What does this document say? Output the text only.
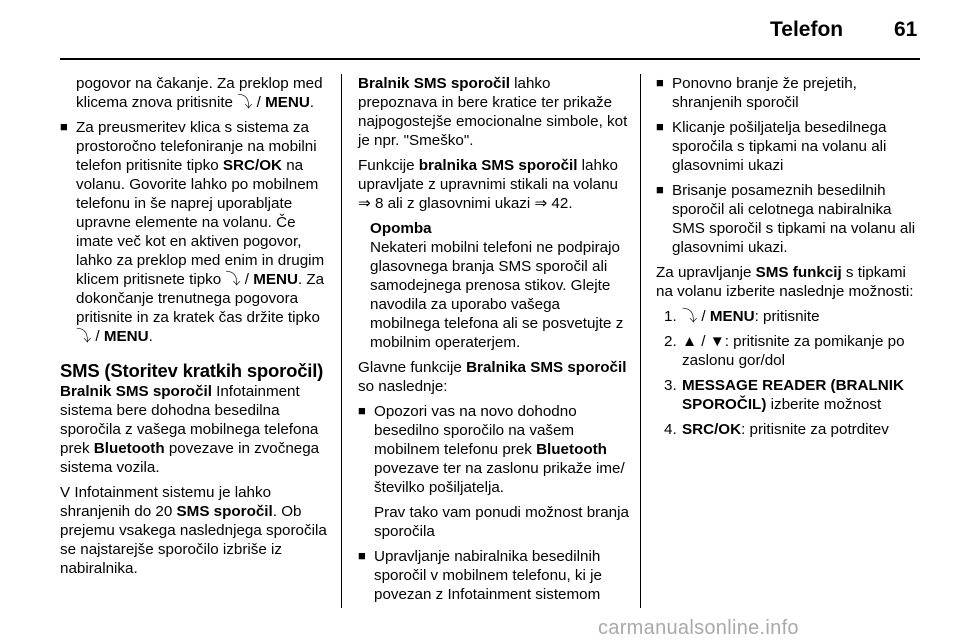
Telefon 61
pogovor na čakanje. Za preklop med klicema znova pritisnite ⤵ / MENU.
■ Za preusmeritev klica s sistema za prostoročno telefoniranje na mobilni telefon pritisnite tipko SRC/OK na volanu. Govorite lahko po mobilnem telefonu in še naprej uporabljate upravne elemente na volanu. Če imate več kot en aktiven pogovor, lahko za preklop med enim in drugim klicem pritisnete tipko ⤵ / MENU. Za dokončanje trenutnega pogovora pritisnite in za kratek čas držite tipko ⤵ / MENU.
SMS (Storitev kratkih sporočil)

Bralnik SMS sporočil Infotainment sistema bere dohodna besedilna sporočila z vašega mobilnega telefona prek Bluetooth povezave in zvočnega sistema vozila.

V Infotainment sistemu je lahko shranjenih do 20 SMS sporočil. Ob prejemu vsakega naslednjega sporočila se najstarejše sporočilo izbriše iz nabiralnika.

Bralnik SMS sporočil lahko prepoznava in bere kratice ter prikaže najpogostejše emocionalne simbole, kot je npr. "Smeško".

Funkcije bralnika SMS sporočil lahko upravljate z upravnimi stikali na volanu ⇒ 8 ali z glasovnimi ukazi ⇒ 42.

Opomba
Nekateri mobilni telefoni ne podpirajo glasovnega branja SMS sporočil ali samodejnega prenosa stikov. Glejte navodila za uporabo vašega mobilnega telefona ali se posvetujte z mobilnim operaterjem.

Glavne funkcije Bralnika SMS sporočil so naslednje:

■ Opozori vas na novo dohodno besedilno sporočilo na vašem mobilnem telefonu prek Bluetooth povezave ter na zaslonu prikaže ime/številko pošiljatelja.
Prav tako vam ponudi možnost branja sporočila
■ Upravljanje nabiralnika besedilnih sporočil v mobilnem telefonu, ki je povezan z Infotainment sistemom
■ Ponovno branje že prejetih, shranjenih sporočil
■ Klicanje pošiljatelja besedilnega sporočila s tipkami na volanu ali glasovnimi ukazi
■ Brisanje posameznih besedilnih sporočil ali celotnega nabiralnika SMS sporočil s tipkami na volanu ali glasovnimi ukazi.

Za upravljanje SMS funkcij s tipkami na volanu izberite naslednje možnosti:

1. ⤵ / MENU: pritisnite
2. ▲ / ▼: pritisnite za pomikanje po zaslonu gor/dol
3. MESSAGE READER (BRALNIK SPOROČIL) izberite možnost
4. SRC/OK: pritisnite za potrditev
carmanualsonline.info
